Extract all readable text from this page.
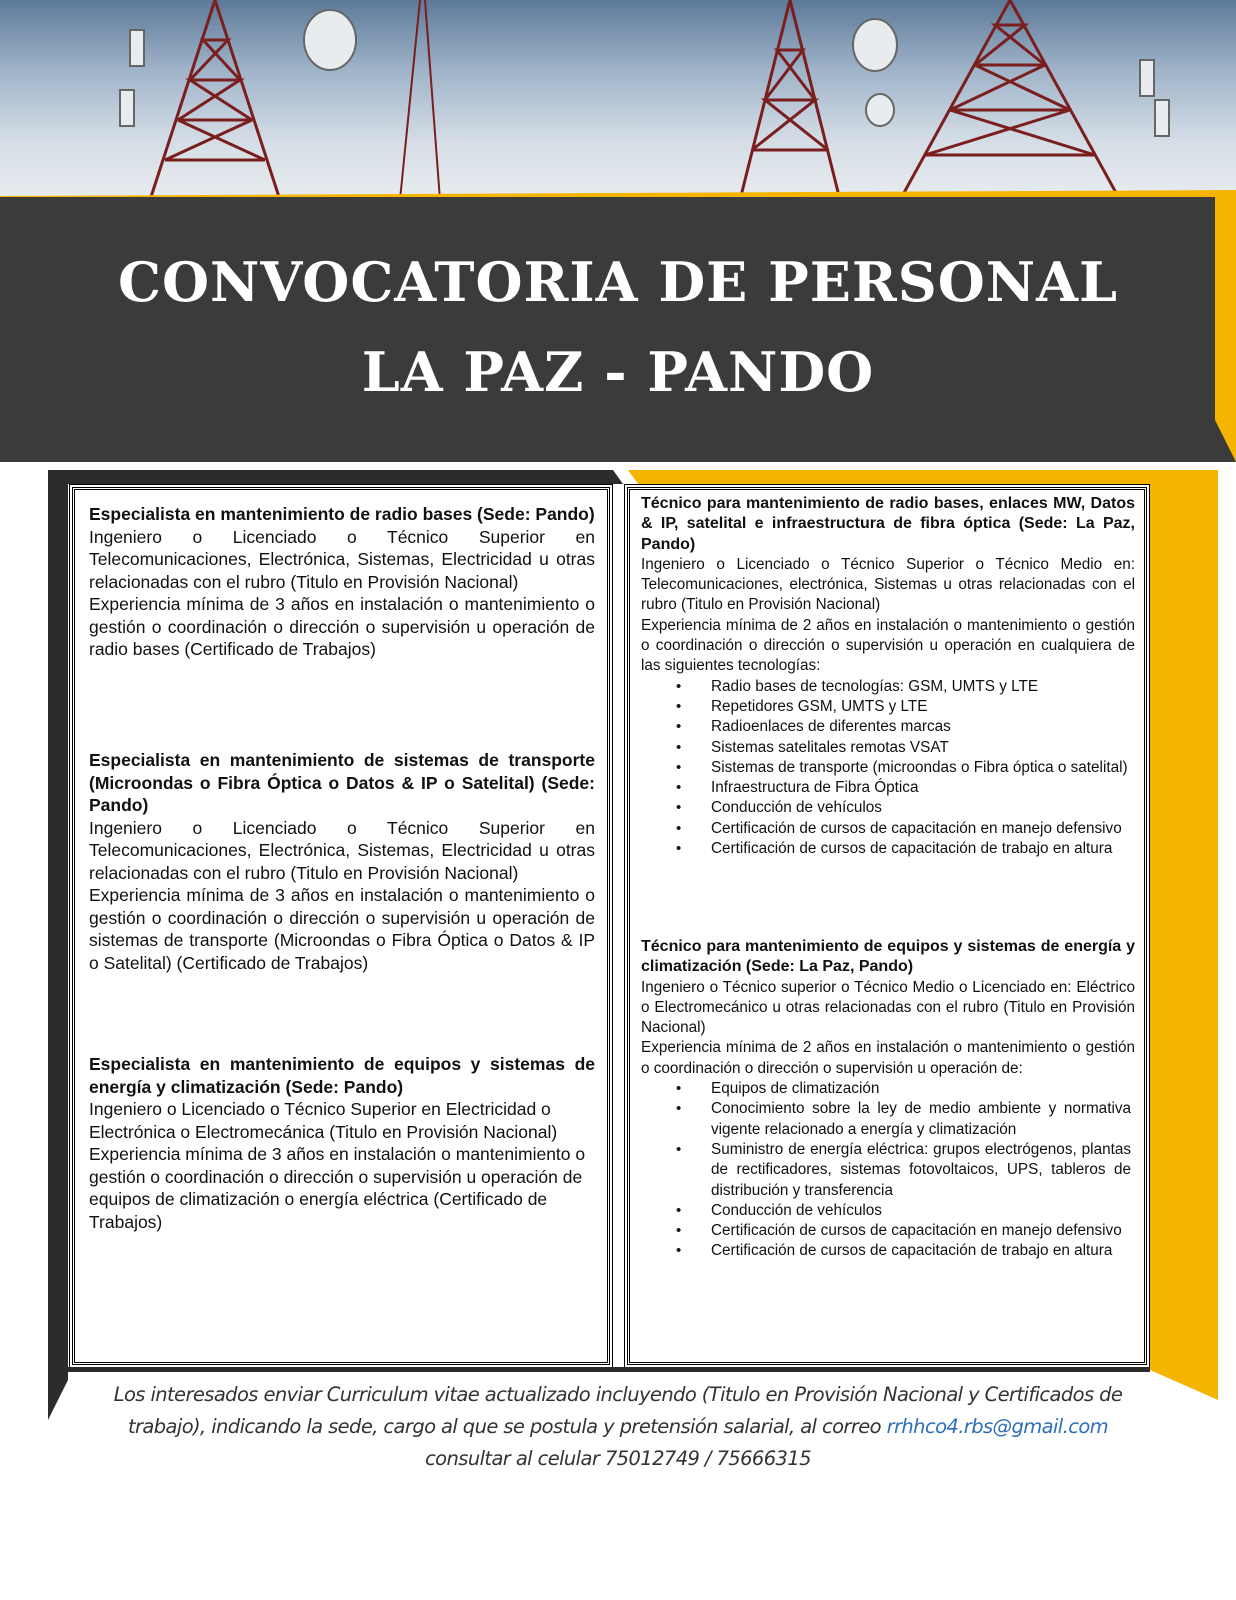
CONVOCATORIA DE PERSONAL
LA PAZ - PANDO

Especialista en mantenimiento de radio bases (Sede: Pando)

Ingeniero o Licenciado o Técnico Superior en Telecomunicaciones, Electrónica, Sistemas, Electricidad u otras relacionadas con el rubro (Titulo en Provisión Nacional)

Experiencia mínima de 3 años en instalación o mantenimiento o gestión o coordinación o dirección o supervisión u operación de radio bases (Certificado de Trabajos)

Especialista en mantenimiento de sistemas de transporte (Microondas o Fibra Óptica o Datos & IP o Satelital) (Sede: Pando)

Ingeniero o Licenciado o Técnico Superior en Telecomunicaciones, Electrónica, Sistemas, Electricidad u otras relacionadas con el rubro (Titulo en Provisión Nacional)

Experiencia mínima de 3 años en instalación o mantenimiento o gestión o coordinación o dirección o supervisión u operación de sistemas de transporte (Microondas o Fibra Óptica o Datos & IP o Satelital) (Certificado de Trabajos)

Especialista en mantenimiento de equipos y sistemas de energía y climatización (Sede: Pando)

Ingeniero o Licenciado o Técnico Superior en Electricidad o Electrónica o Electromecánica (Titulo en Provisión Nacional) Experiencia mínima de 3 años en instalación o mantenimiento o gestión o coordinación o dirección o supervisión u operación de equipos de climatización o energía eléctrica (Certificado de Trabajos)

Técnico para mantenimiento de radio bases, enlaces MW, Datos & IP, satelital e infraestructura de fibra óptica (Sede: La Paz, Pando)

Ingeniero o Licenciado o Técnico Superior o Técnico Medio en: Telecomunicaciones, electrónica, Sistemas u otras relacionadas con el rubro (Titulo en Provisión Nacional)

Experiencia mínima de 2 años en instalación o mantenimiento o gestión o coordinación o dirección o supervisión u operación en cualquiera de las siguientes tecnologías:

• Radio bases de tecnologías: GSM, UMTS y LTE
• Repetidores GSM, UMTS y LTE
• Radioenlaces de diferentes marcas
• Sistemas satelitales remotas VSAT
• Sistemas de transporte (microondas o Fibra óptica o satelital)
• Infraestructura de Fibra Óptica
• Conducción de vehículos
• Certificación de cursos de capacitación en manejo defensivo
• Certificación de cursos de capacitación de trabajo en altura

Técnico para mantenimiento de equipos y sistemas de energía y climatización (Sede: La Paz, Pando)

Ingeniero o Técnico superior o Técnico Medio o Licenciado en: Eléctrico o Electromecánico u otras relacionadas con el rubro (Titulo en Provisión Nacional)

Experiencia mínima de 2 años en instalación o mantenimiento o gestión o coordinación o dirección o supervisión u operación de:

• Equipos de climatización
• Conocimiento sobre la ley de medio ambiente y normativa vigente relacionado a energía y climatización
• Suministro de energía eléctrica: grupos electrógenos, plantas de rectificadores, sistemas fotovoltaicos, UPS, tableros de distribución y transferencia
• Conducción de vehículos
• Certificación de cursos de capacitación en manejo defensivo
• Certificación de cursos de capacitación de trabajo en altura
Los interesados enviar Curriculum vitae actualizado incluyendo (Titulo en Provisión Nacional y Certificados de
trabajo), indicando la sede, cargo al que se postula y pretensión salarial, al correo rrhhco4.rbs@gmail.com
consultar al celular 75012749 / 75666315
